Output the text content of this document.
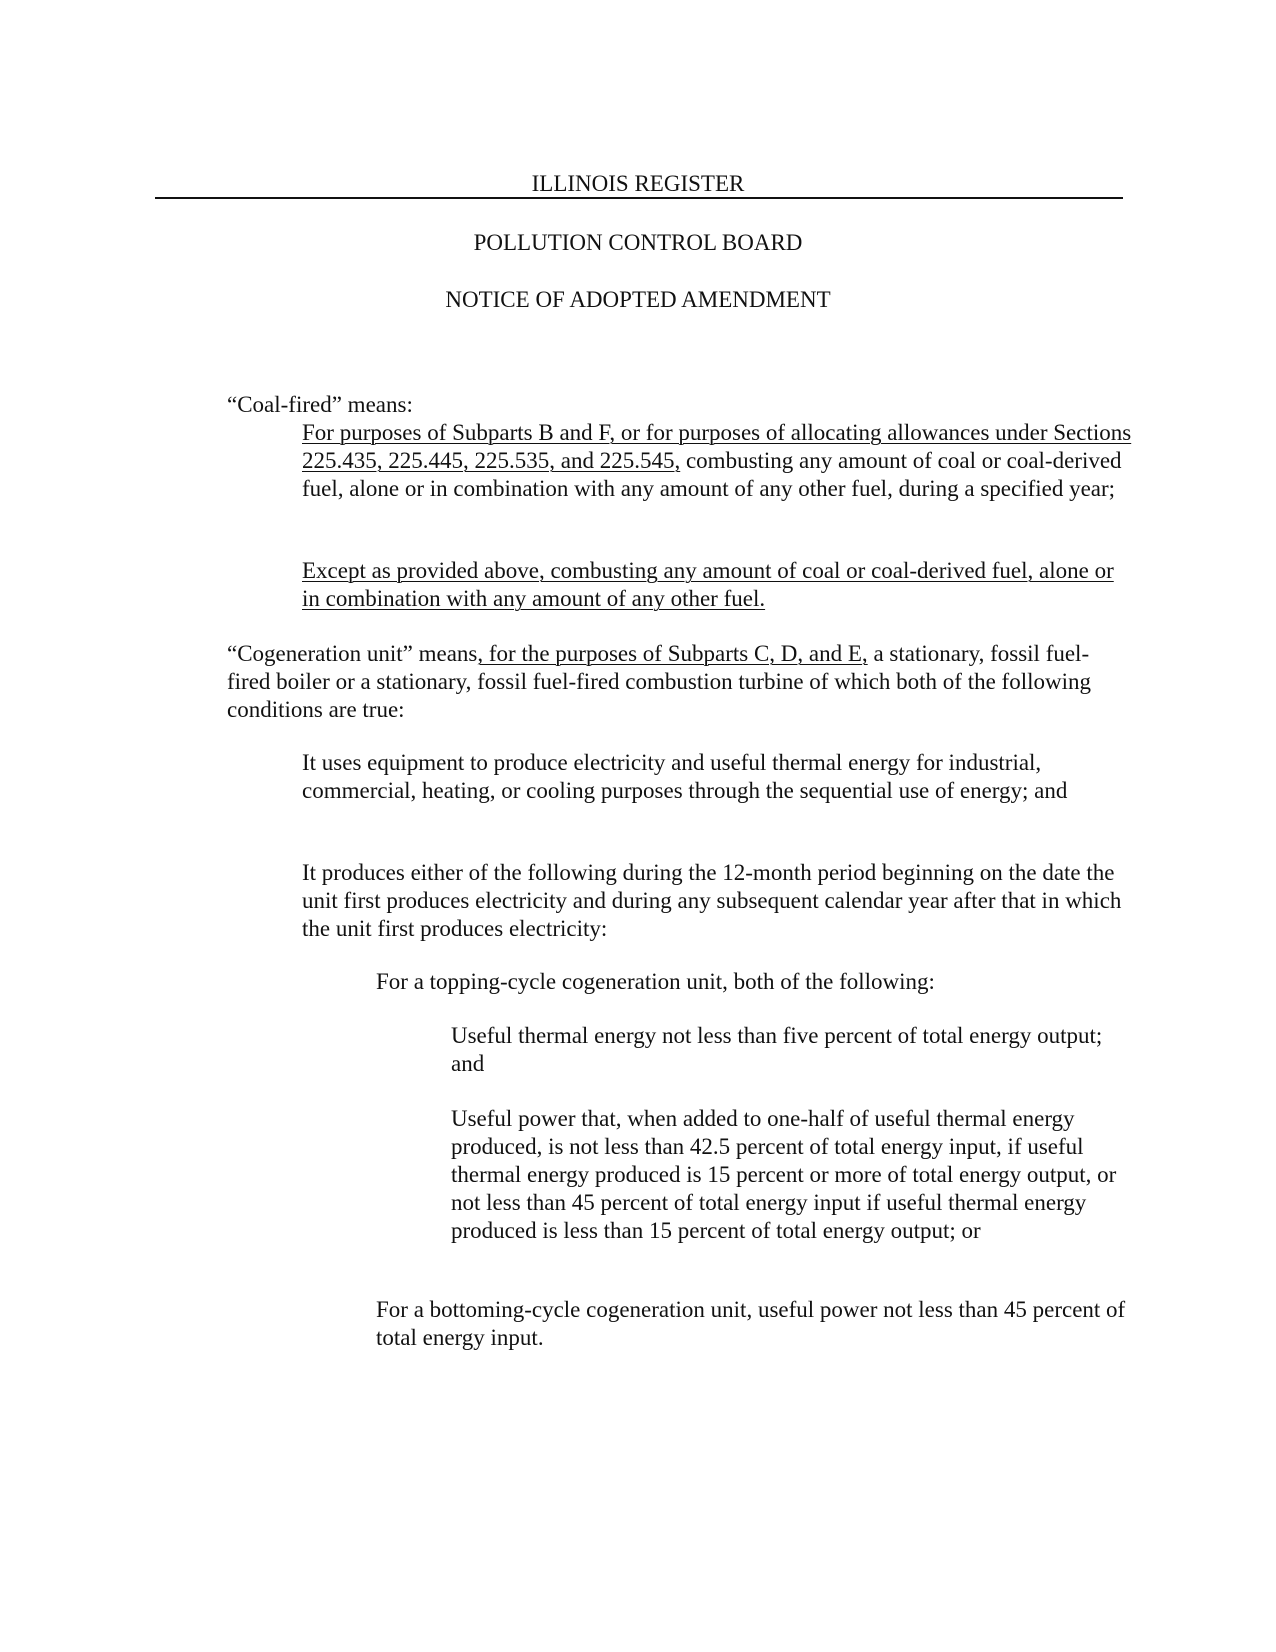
ILLINOIS REGISTER
POLLUTION CONTROL BOARD
NOTICE OF ADOPTED AMENDMENT

“Coal-fired” means:

For purposes of Subparts B and F, or for purposes of allocating allowances under Sections 225.435, 225.445, 225.535, and 225.545, combusting any amount of coal or coal-derived fuel, alone or in combination with any amount of any other fuel, during a specified year;

Except as provided above, combusting any amount of coal or coal-derived fuel, alone or in combination with any amount of any other fuel.

“Cogeneration unit” means, for the purposes of Subparts C, D, and E, a stationary, fossil fuel-fired boiler or a stationary, fossil fuel-fired combustion turbine of which both of the following conditions are true:

It uses equipment to produce electricity and useful thermal energy for industrial, commercial, heating, or cooling purposes through the sequential use of energy; and

It produces either of the following during the 12-month period beginning on the date the unit first produces electricity and during any subsequent calendar year after that in which the unit first produces electricity:

For a topping-cycle cogeneration unit, both of the following:

Useful thermal energy not less than five percent of total energy output; and

Useful power that, when added to one-half of useful thermal energy produced, is not less than 42.5 percent of total energy input, if useful thermal energy produced is 15 percent or more of total energy output, or not less than 45 percent of total energy input if useful thermal energy produced is less than 15 percent of total energy output; or

For a bottoming-cycle cogeneration unit, useful power not less than 45 percent of total energy input.
